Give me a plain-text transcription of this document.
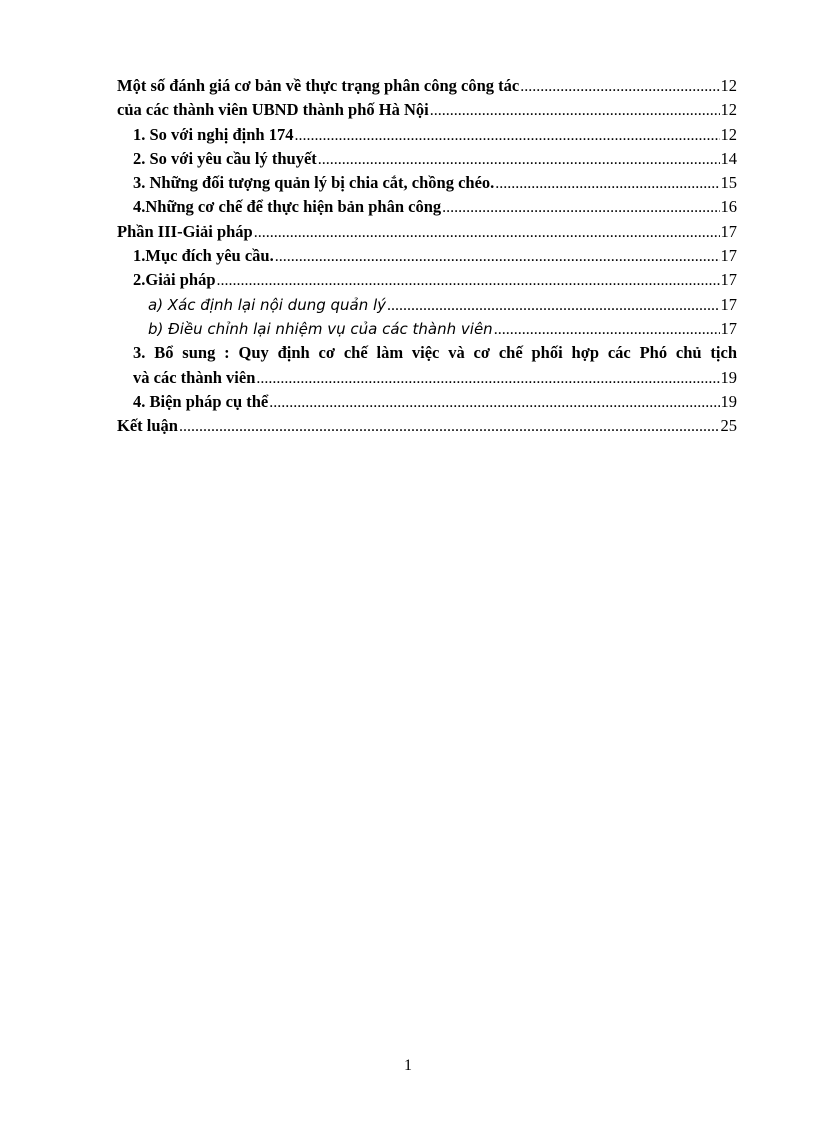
Một số đánh giá cơ bản về thực trạng phân công công tác .....	12
của các thành viên UBND thành phố Hà Nội .....	12
1. So với nghị định 174 .....	12
2. So với yêu cầu lý thuyết .....	14
3. Những đối tượng quản lý bị chia cắt, chồng chéo. .....	15
4.Những cơ chế để thực hiện bản phân công .....	16
Phần III-Giải pháp .....	17
1.Mục đích yêu cầu. .....	17
2.Giải pháp .....	17
a) Xác định lại nội dung quản lý .....	17
b) Điều chỉnh lại nhiệm vụ của các thành viên .....	17
3. Bổ sung : Quy định cơ chế làm việc và cơ chế phối hợp các Phó chủ tịch
và các thành viên .....	19
4. Biện pháp cụ thể .....	19
Kết luận .....	25
1
